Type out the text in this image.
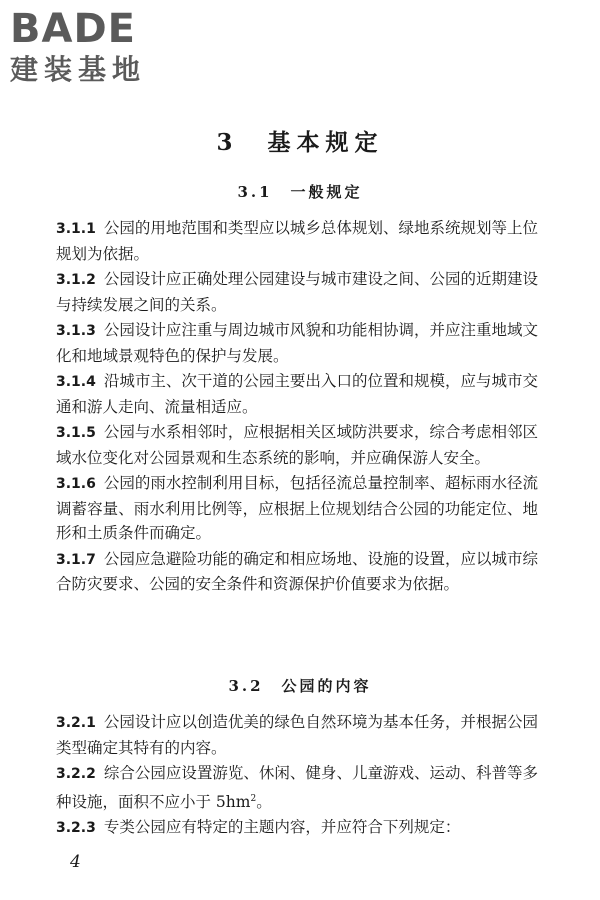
BADE
建装基地
3　基本规定
3.1　一般规定

3.1.1 公园的用地范围和类型应以城乡总体规划、绿地系统规划等上位规划为依据。

3.1.2 公园设计应正确处理公园建设与城市建设之间、公园的近期建设与持续发展之间的关系。

3.1.3 公园设计应注重与周边城市风貌和功能相协调，并应注重地域文化和地域景观特色的保护与发展。

3.1.4 沿城市主、次干道的公园主要出入口的位置和规模，应与城市交通和游人走向、流量相适应。

3.1.5 公园与水系相邻时，应根据相关区域防洪要求，综合考虑相邻区域水位变化对公园景观和生态系统的影响，并应确保游人安全。

3.1.6 公园的雨水控制利用目标，包括径流总量控制率、超标雨水径流调蓄容量、雨水利用比例等，应根据上位规划结合公园的功能定位、地形和土质条件而确定。

3.1.7 公园应急避险功能的确定和相应场地、设施的设置，应以城市综合防灾要求、公园的安全条件和资源保护价值要求为依据。

3.2　公园的内容

3.2.1 公园设计应以创造优美的绿色自然环境为基本任务，并根据公园类型确定其特有的内容。

3.2.2 综合公园应设置游览、休闲、健身、儿童游戏、运动、科普等多种设施，面积不应小于 $5hm^2$。

3.2.3 专类公园应有特定的主题内容，并应符合下列规定：

4
